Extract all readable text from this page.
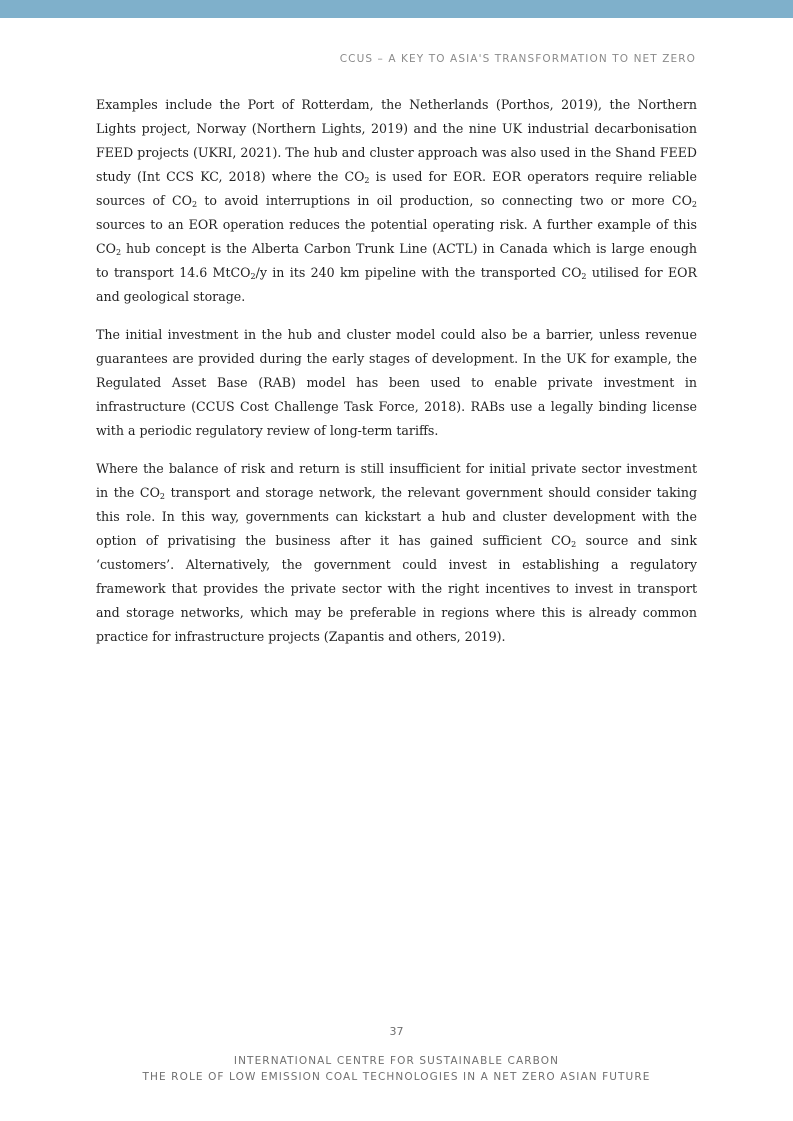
CCUS – A KEY TO ASIA'S TRANSFORMATION TO NET ZERO

Examples include the Port of Rotterdam, the Netherlands (Porthos, 2019), the Northern Lights project, Norway (Northern Lights, 2019) and the nine UK industrial decarbonisation FEED projects (UKRI, 2021). The hub and cluster approach was also used in the Shand FEED study (Int CCS KC, 2018) where the $CO_2$ is used for EOR. EOR operators require reliable sources of $CO_2$ to avoid interruptions in oil production, so connecting two or more $CO_2$ sources to an EOR operation reduces the potential operating risk. A further example of this $CO_2$ hub concept is the Alberta Carbon Trunk Line (ACTL) in Canada which is large enough to transport 14.6 MtCO$_2$/y in its 240 km pipeline with the transported $CO_2$ utilised for EOR and geological storage.

The initial investment in the hub and cluster model could also be a barrier, unless revenue guarantees are provided during the early stages of development. In the UK for example, the Regulated Asset Base (RAB) model has been used to enable private investment in infrastructure (CCUS Cost Challenge Task Force, 2018). RABs use a legally binding license with a periodic regulatory review of long-term tariffs.

Where the balance of risk and return is still insufficient for initial private sector investment in the $CO_2$ transport and storage network, the relevant government should consider taking this role. In this way, governments can kickstart a hub and cluster development with the option of privatising the business after it has gained sufficient $CO_2$ source and sink ‘customers’. Alternatively, the government could invest in establishing a regulatory framework that provides the private sector with the right incentives to invest in transport and storage networks, which may be preferable in regions where this is already common practice for infrastructure projects (Zapantis and others, 2019).

37
INTERNATIONAL CENTRE FOR SUSTAINABLE CARBON
THE ROLE OF LOW EMISSION COAL TECHNOLOGIES IN A NET ZERO ASIAN FUTURE
